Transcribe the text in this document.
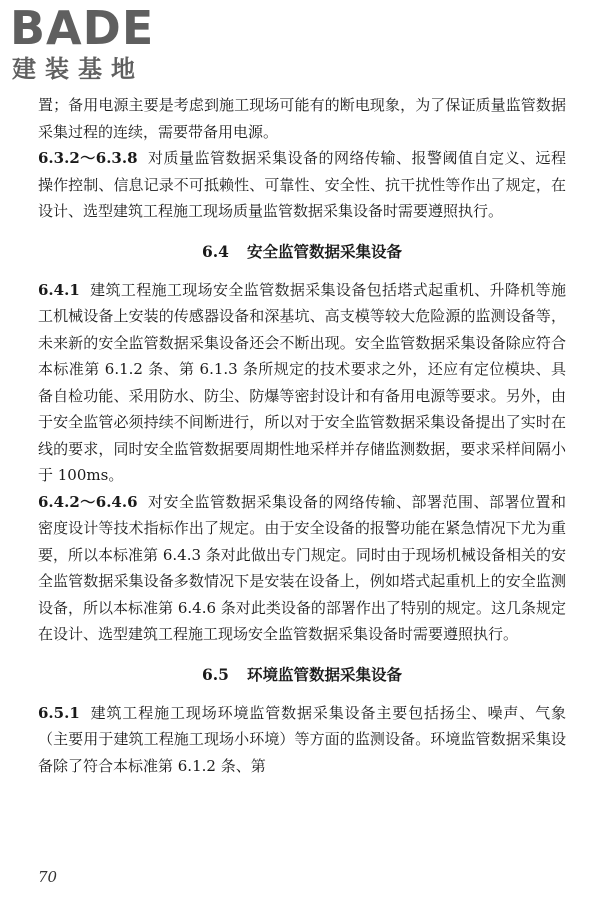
BADE
建装基地

置；备用电源主要是考虑到施工现场可能有的断电现象，为了保证质量监管数据采集过程的连续，需要带备用电源。

6.3.2～6.3.8 对质量监管数据采集设备的网络传输、报警阈值自定义、远程操作控制、信息记录不可抵赖性、可靠性、安全性、抗干扰性等作出了规定，在设计、选型建筑工程施工现场质量监管数据采集设备时需要遵照执行。

6.4 安全监管数据采集设备

6.4.1 建筑工程施工现场安全监管数据采集设备包括塔式起重机、升降机等施工机械设备上安装的传感器设备和深基坑、高支模等较大危险源的监测设备等，未来新的安全监管数据采集设备还会不断出现。安全监管数据采集设备除应符合本标准第 6.1.2 条、第 6.1.3 条所规定的技术要求之外，还应有定位模块、具备自检功能、采用防水、防尘、防爆等密封设计和有备用电源等要求。另外，由于安全监管必须持续不间断进行，所以对于安全监管数据采集设备提出了实时在线的要求，同时安全监管数据要周期性地采样并存储监测数据，要求采样间隔小于 100ms。

6.4.2～6.4.6 对安全监管数据采集设备的网络传输、部署范围、部署位置和密度设计等技术指标作出了规定。由于安全设备的报警功能在紧急情况下尤为重要，所以本标准第 6.4.3 条对此做出专门规定。同时由于现场机械设备相关的安全监管数据采集设备多数情况下是安装在设备上，例如塔式起重机上的安全监测设备，所以本标准第 6.4.6 条对此类设备的部署作出了特别的规定。这几条规定在设计、选型建筑工程施工现场安全监管数据采集设备时需要遵照执行。

6.5 环境监管数据采集设备

6.5.1 建筑工程施工现场环境监管数据采集设备主要包括扬尘、噪声、气象（主要用于建筑工程施工现场小环境）等方面的监测设备。环境监管数据采集设备除了符合本标准第 6.1.2 条、第

70
